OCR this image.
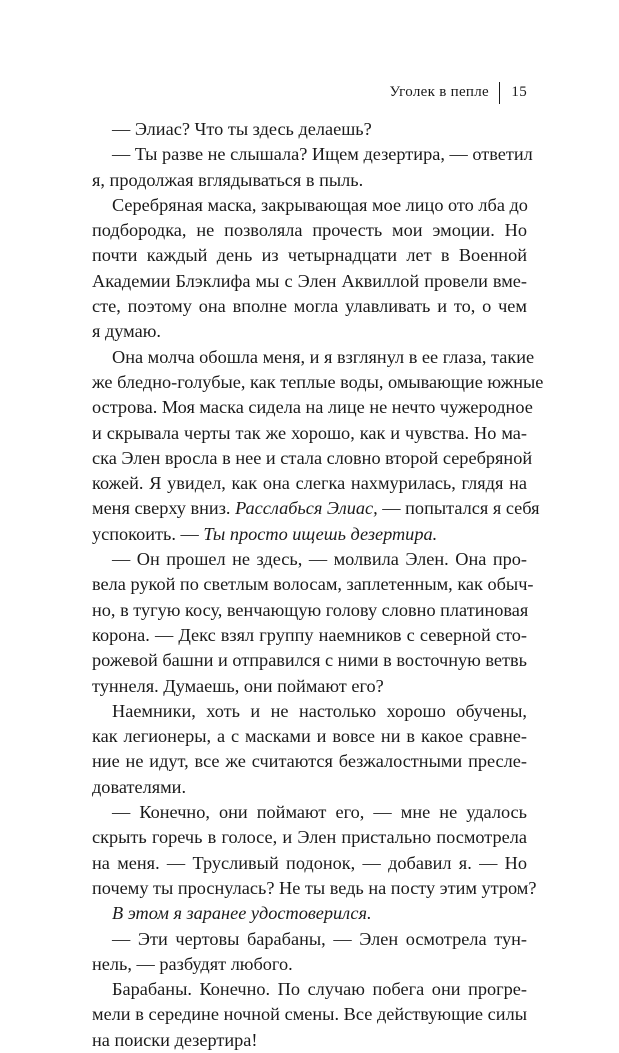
Уголек в пепле 15
— Элиас? Что ты здесь делаешь?
— Ты разве не слышала? Ищем дезертира, — ответил
я, продолжая вглядываться в пыль.
Серебряная маска, закрывающая мое лицо ото лба до
подбородка, не позволяла прочесть мои эмоции. Но
почти каждый день из четырнадцати лет в Военной
Академии Блэклифа мы с Элен Аквиллой провели вме-
сте, поэтому она вполне могла улавливать и то, о чем
я думаю.
Она молча обошла меня, и я взглянул в ее глаза, такие
же бледно-голубые, как теплые воды, омывающие южные
острова. Моя маска сидела на лице не нечто чужеродное
и скрывала черты так же хорошо, как и чувства. Но ма-
ска Элен вросла в нее и стала словно второй серебряной
кожей. Я увидел, как она слегка нахмурилась, глядя на
меня сверху вниз. Расслабься Элиас, — попытался я себя
успокоить. — Ты просто ищешь дезертира.
— Он прошел не здесь, — молвила Элен. Она про-
вела рукой по светлым волосам, заплетенным, как обыч-
но, в тугую косу, венчающую голову словно платиновая
корона. — Декс взял группу наемников с северной сто-
рожевой башни и отправился с ними в восточную ветвь
туннеля. Думаешь, они поймают его?
Наемники, хоть и не настолько хорошо обучены,
как легионеры, а с масками и вовсе ни в какое сравне-
ние не идут, все же считаются безжалостными пресле-
дователями.
— Конечно, они поймают его, — мне не удалось
скрыть горечь в голосе, и Элен пристально посмотрела
на меня. — Трусливый подонок, — добавил я. — Но
почему ты проснулась? Не ты ведь на посту этим утром?
В этом я заранее удостоверился.
— Эти чертовы барабаны, — Элен осмотрела тун-
нель, — разбудят любого.
Барабаны. Конечно. По случаю побега они прогре-
мели в середине ночной смены. Все действующие силы
на поиски дезертира!
